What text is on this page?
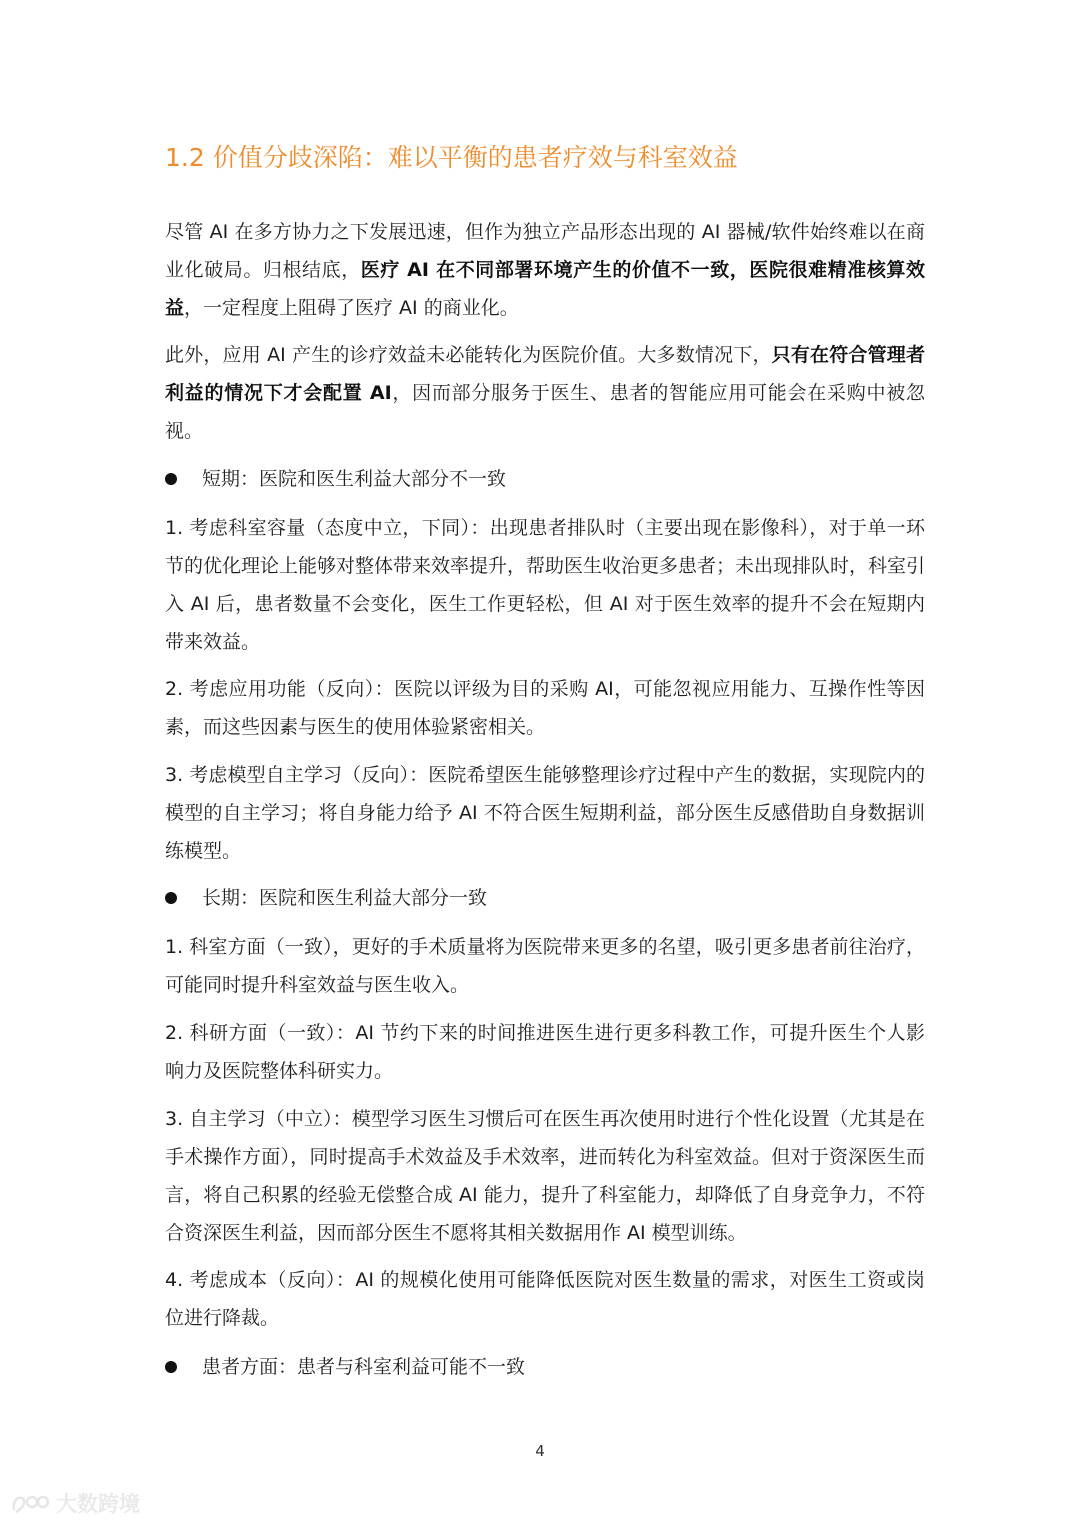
1.2 价值分歧深陷：难以平衡的患者疗效与科室效益

尽管 AI 在多方协力之下发展迅速，但作为独立产品形态出现的 AI 器械/软件始终难以在商业化破局。归根结底，医疗 AI 在不同部署环境产生的价值不一致，医院很难精准核算效益，一定程度上阻碍了医疗 AI 的商业化。

此外，应用 AI 产生的诊疗效益未必能转化为医院价值。大多数情况下，只有在符合管理者利益的情况下才会配置 AI，因而部分服务于医生、患者的智能应用可能会在采购中被忽视。

短期：医院和医生利益大部分不一致

1. 考虑科室容量（态度中立，下同）：出现患者排队时（主要出现在影像科），对于单一环节的优化理论上能够对整体带来效率提升，帮助医生收治更多患者；未出现排队时，科室引入 AI 后，患者数量不会变化，医生工作更轻松，但 AI 对于医生效率的提升不会在短期内带来效益。

2. 考虑应用功能（反向）：医院以评级为目的采购 AI，可能忽视应用能力、互操作性等因素，而这些因素与医生的使用体验紧密相关。

3. 考虑模型自主学习（反向）：医院希望医生能够整理诊疗过程中产生的数据，实现院内的模型的自主学习；将自身能力给予 AI 不符合医生短期利益，部分医生反感借助自身数据训练模型。

长期：医院和医生利益大部分一致

1. 科室方面（一致），更好的手术质量将为医院带来更多的名望，吸引更多患者前往治疗，可能同时提升科室效益与医生收入。

2. 科研方面（一致）：AI 节约下来的时间推进医生进行更多科教工作，可提升医生个人影响力及医院整体科研实力。

3. 自主学习（中立）：模型学习医生习惯后可在医生再次使用时进行个性化设置（尤其是在手术操作方面），同时提高手术效益及手术效率，进而转化为科室效益。但对于资深医生而言，将自己积累的经验无偿整合成 AI 能力，提升了科室能力，却降低了自身竞争力，不符合资深医生利益，因而部分医生不愿将其相关数据用作 AI 模型训练。

4. 考虑成本（反向）：AI 的规模化使用可能降低医院对医生数量的需求，对医生工资或岗位进行降裁。

患者方面：患者与科室利益可能不一致
4
大数跨境
